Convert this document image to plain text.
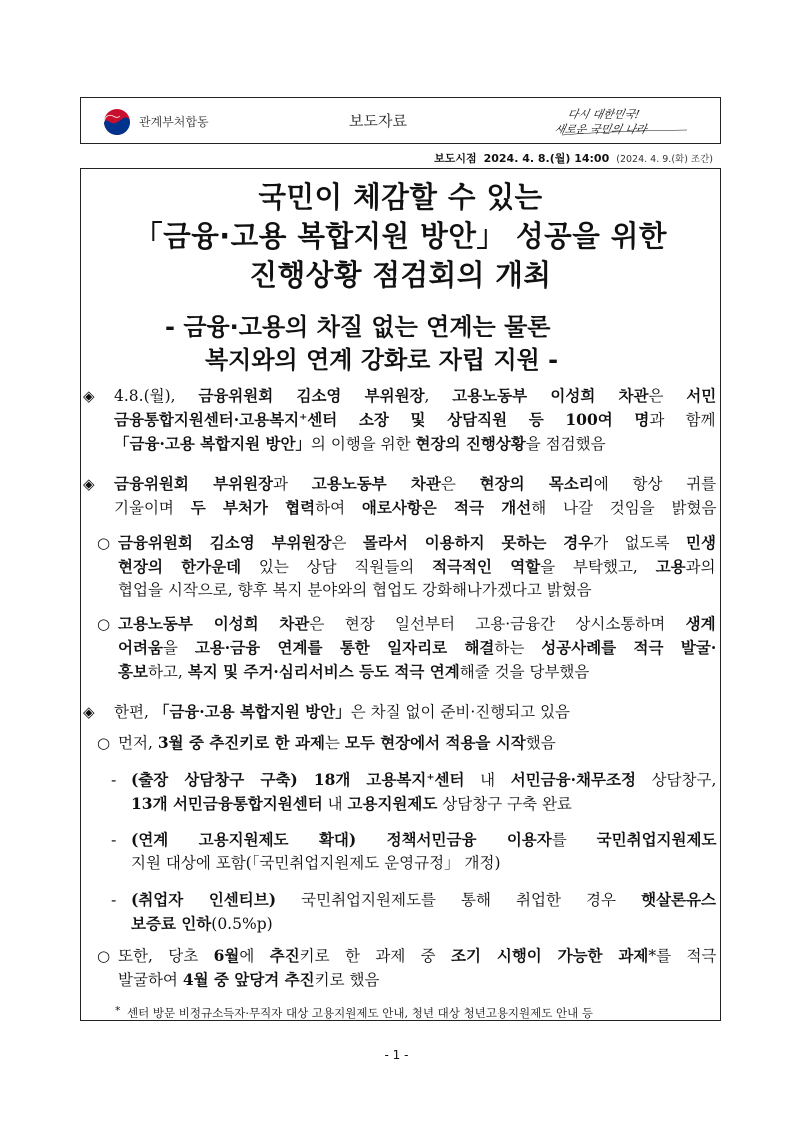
관계부처합동	보도자료	다시 대한민국!
새로운 국민의 나라
보도시점 2024. 4. 8.(월) 14:00 (2024. 4. 9.(화) 조간)
국민이 체감할 수 있는
「금융·고용 복합지원 방안」 성공을 위한
진행상황 점검회의 개최
- 금융·고용의 차질 없는 연계는 물론
복지와의 연계 강화로 자립 지원 -
◈
◈
○
○
◈
○
-
-
-
○
*
4.8.(월), 금융위원회 김소영 부위원장, 고용노동부 이성희 차관은 서민
금융통합지원센터·고용복지⁺센터 소장 및 상담직원 등 100여 명과 함께
「금융·고용 복합지원 방안」의 이행을 위한 현장의 진행상황을 점검했음
금융위원회 부위원장과 고용노동부 차관은 현장의 목소리에 항상 귀를
기울이며 두 부처가 협력하여 애로사항은 적극 개선해 나갈 것임을 밝혔음
금융위원회 김소영 부위원장은 몰라서 이용하지 못하는 경우가 없도록 민생
현장의 한가운데 있는 상담 직원들의 적극적인 역할을 부탁했고, 고용과의
협업을 시작으로, 향후 복지 분야와의 협업도 강화해나가겠다고 밝혔음
고용노동부 이성희 차관은 현장 일선부터 고용·금융간 상시소통하며 생계
어려움을 고용·금융 연계를 통한 일자리로 해결하는 성공사례를 적극 발굴·
홍보하고, 복지 및 주거·심리서비스 등도 적극 연계해줄 것을 당부했음
한편, 「금융·고용 복합지원 방안」은 차질 없이 준비·진행되고 있음
먼저, 3월 중 추진키로 한 과제는 모두 현장에서 적용을 시작했음
(출장 상담창구 구축) 18개 고용복지⁺센터 내 서민금융·채무조정 상담창구,
13개 서민금융통합지원센터 내 고용지원제도 상담창구 구축 완료
(연계 고용지원제도 확대) 정책서민금융 이용자를 국민취업지원제도
지원 대상에 포함(「국민취업지원제도 운영규정」 개정)
(취업자 인센티브) 국민취업지원제도를 통해 취업한 경우 햇살론유스
보증료 인하(0.5%p)
또한, 당초 6월에 추진키로 한 과제 중 조기 시행이 가능한 과제*를 적극
발굴하여 4월 중 앞당겨 추진키로 했음
센터 방문 비정규소득자·무직자 대상 고용지원제도 안내, 청년 대상 청년고용지원제도 안내 등
- 1 -
